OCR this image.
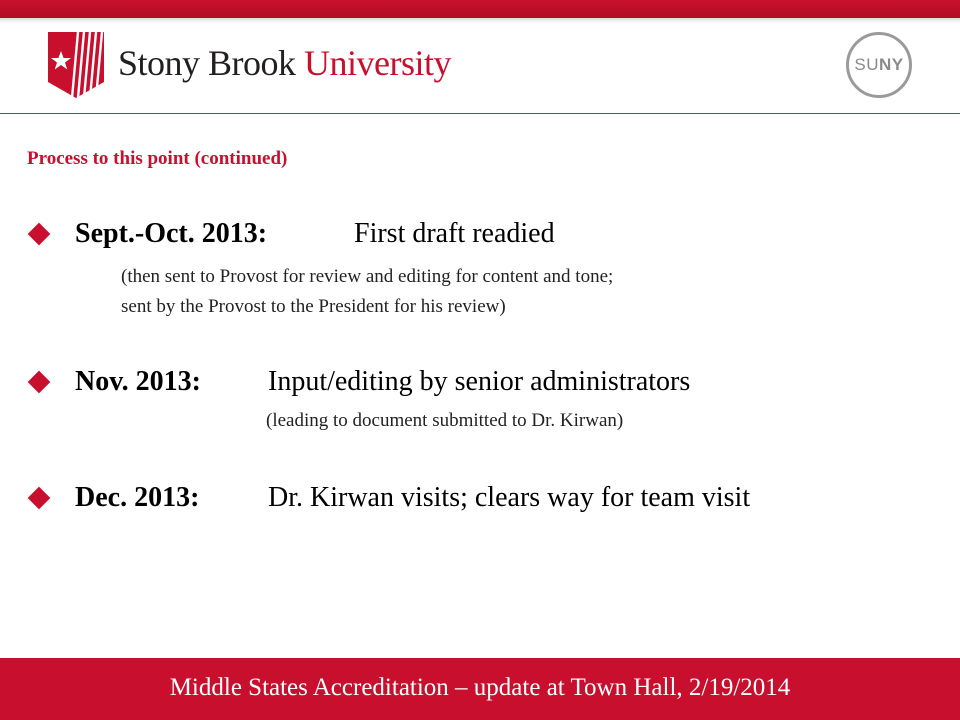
Stony Brook University	SU NY
Process to this point (continued)
Sept.-Oct. 2013:	First draft readied
(then sent to Provost for review and editing for content and tone;
sent by the Provost to the President for his review)
Nov. 2013: Input/editing by senior administrators
(leading to document submitted to Dr. Kirwan)
Dec. 2013: Dr. Kirwan visits; clears way for team visit
Middle States Accreditation – update at Town Hall, 2/19/2014
